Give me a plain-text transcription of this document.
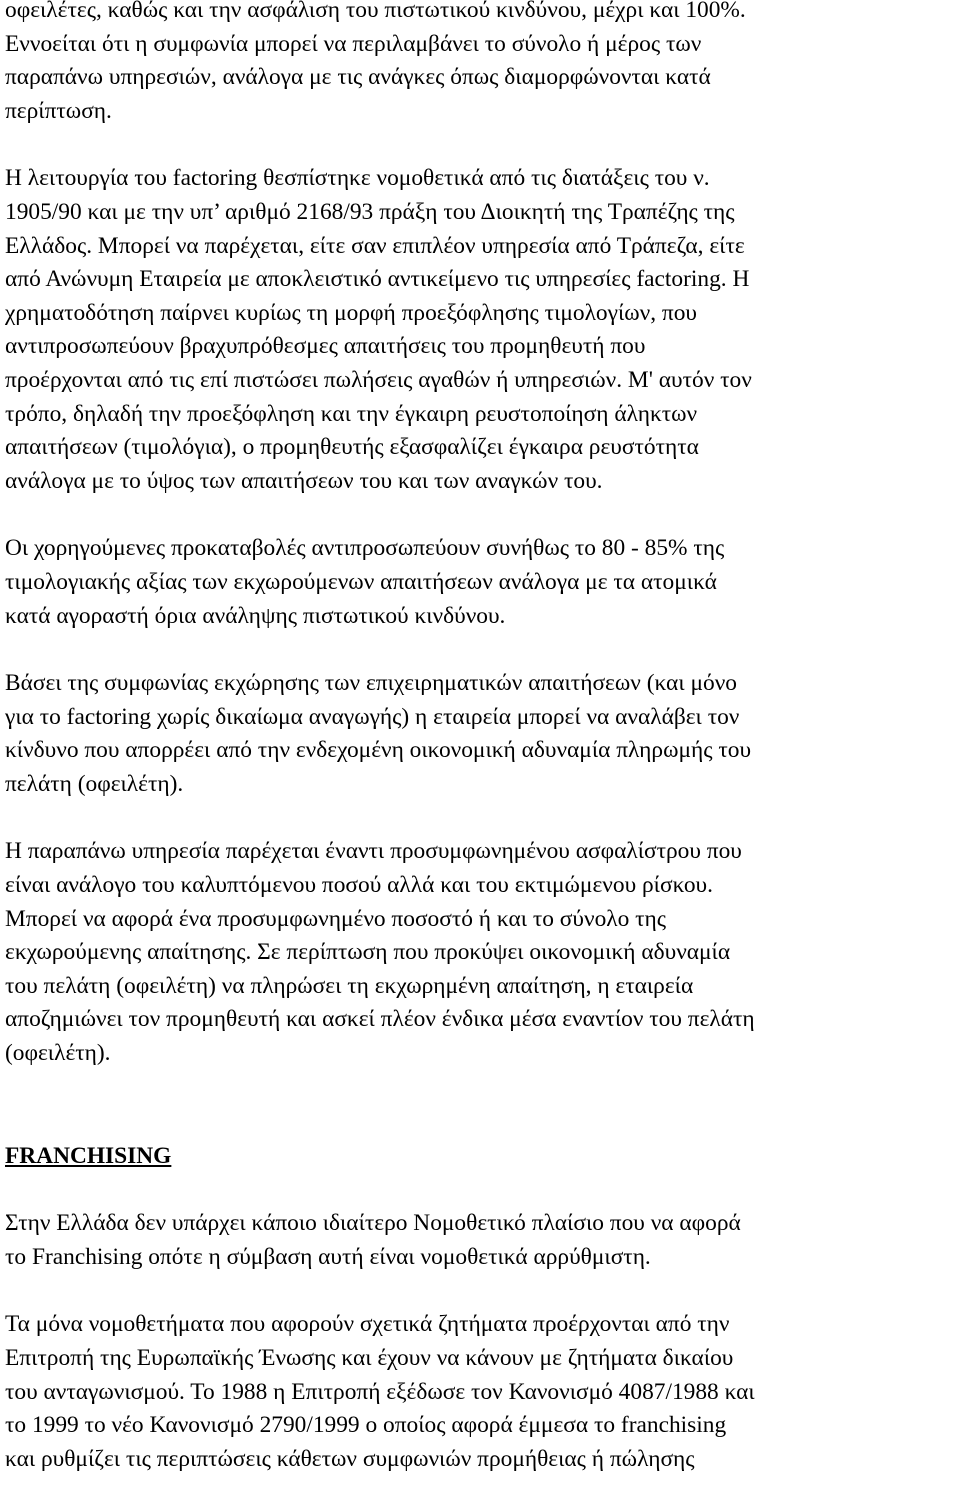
οφειλέτες, καθώς και την ασφάλιση του πιστωτικού κινδύνου, μέχρι και 100%.
Εννοείται ότι η συμφωνία μπορεί να περιλαμβάνει το σύνολο ή μέρος των
παραπάνω υπηρεσιών, ανάλογα με τις ανάγκες όπως διαμορφώνονται κατά
περίπτωση.

Η λειτουργία του factoring θεσπίστηκε νομοθετικά από τις διατάξεις του ν.
1905/90 και με την υπ’ αριθμό 2168/93 πράξη του Διοικητή της Τραπέζης της
Ελλάδος. Μπορεί να παρέχεται, είτε σαν επιπλέον υπηρεσία από Τράπεζα, είτε
από Ανώνυμη Εταιρεία με αποκλειστικό αντικείμενο τις υπηρεσίες factoring. Η
χρηματοδότηση παίρνει κυρίως τη μορφή προεξόφλησης τιμολογίων, που
αντιπροσωπεύουν βραχυπρόθεσμες απαιτήσεις του προμηθευτή που
προέρχονται από τις επί πιστώσει πωλήσεις αγαθών ή υπηρεσιών. Μ' αυτόν τον
τρόπο, δηλαδή την προεξόφληση και την έγκαιρη ρευστοποίηση άληκτων
απαιτήσεων (τιμολόγια), ο προμηθευτής εξασφαλίζει έγκαιρα ρευστότητα
ανάλογα με το ύψος των απαιτήσεων του και των αναγκών του.

Οι χορηγούμενες προκαταβολές αντιπροσωπεύουν συνήθως το 80 - 85% της
τιμολογιακής αξίας των εκχωρούμενων απαιτήσεων ανάλογα με τα ατομικά
κατά αγοραστή όρια ανάληψης πιστωτικού κινδύνου.

Βάσει της συμφωνίας εκχώρησης των επιχειρηματικών απαιτήσεων (και μόνο
για το factoring χωρίς δικαίωμα αναγωγής) η εταιρεία μπορεί να αναλάβει τον
κίνδυνο που απορρέει από την ενδεχομένη οικονομική αδυναμία πληρωμής του
πελάτη (οφειλέτη).

Η παραπάνω υπηρεσία παρέχεται έναντι προσυμφωνημένου ασφαλίστρου που
είναι ανάλογο του καλυπτόμενου ποσού αλλά και του εκτιμώμενου ρίσκου.
Μπορεί να αφορά ένα προσυμφωνημένο ποσοστό ή και το σύνολο της
εκχωρούμενης απαίτησης. Σε περίπτωση που προκύψει οικονομική αδυναμία
του πελάτη (οφειλέτη) να πληρώσει τη εκχωρημένη απαίτηση, η εταιρεία
αποζημιώνει τον προμηθευτή και ασκεί πλέον ένδικα μέσα εναντίον του πελάτη
(οφειλέτη).

FRANCHISING

Στην Ελλάδα δεν υπάρχει κάποιο ιδιαίτερο Νομοθετικό πλαίσιο που να αφορά
το Franchising οπότε η σύμβαση αυτή είναι νομοθετικά αρρύθμιστη.

Τα μόνα νομοθετήματα που αφορούν σχετικά ζητήματα προέρχονται από την
Επιτροπή της Ευρωπαϊκής Ένωσης και έχουν να κάνουν με ζητήματα δικαίου
του ανταγωνισμού. Το 1988 η Επιτροπή εξέδωσε τον Κανονισμό 4087/1988 και
το 1999 το νέο Κανονισμό 2790/1999 ο οποίος αφορά έμμεσα το franchising
και ρυθμίζει τις περιπτώσεις κάθετων συμφωνιών προμήθειας ή πώλησης
